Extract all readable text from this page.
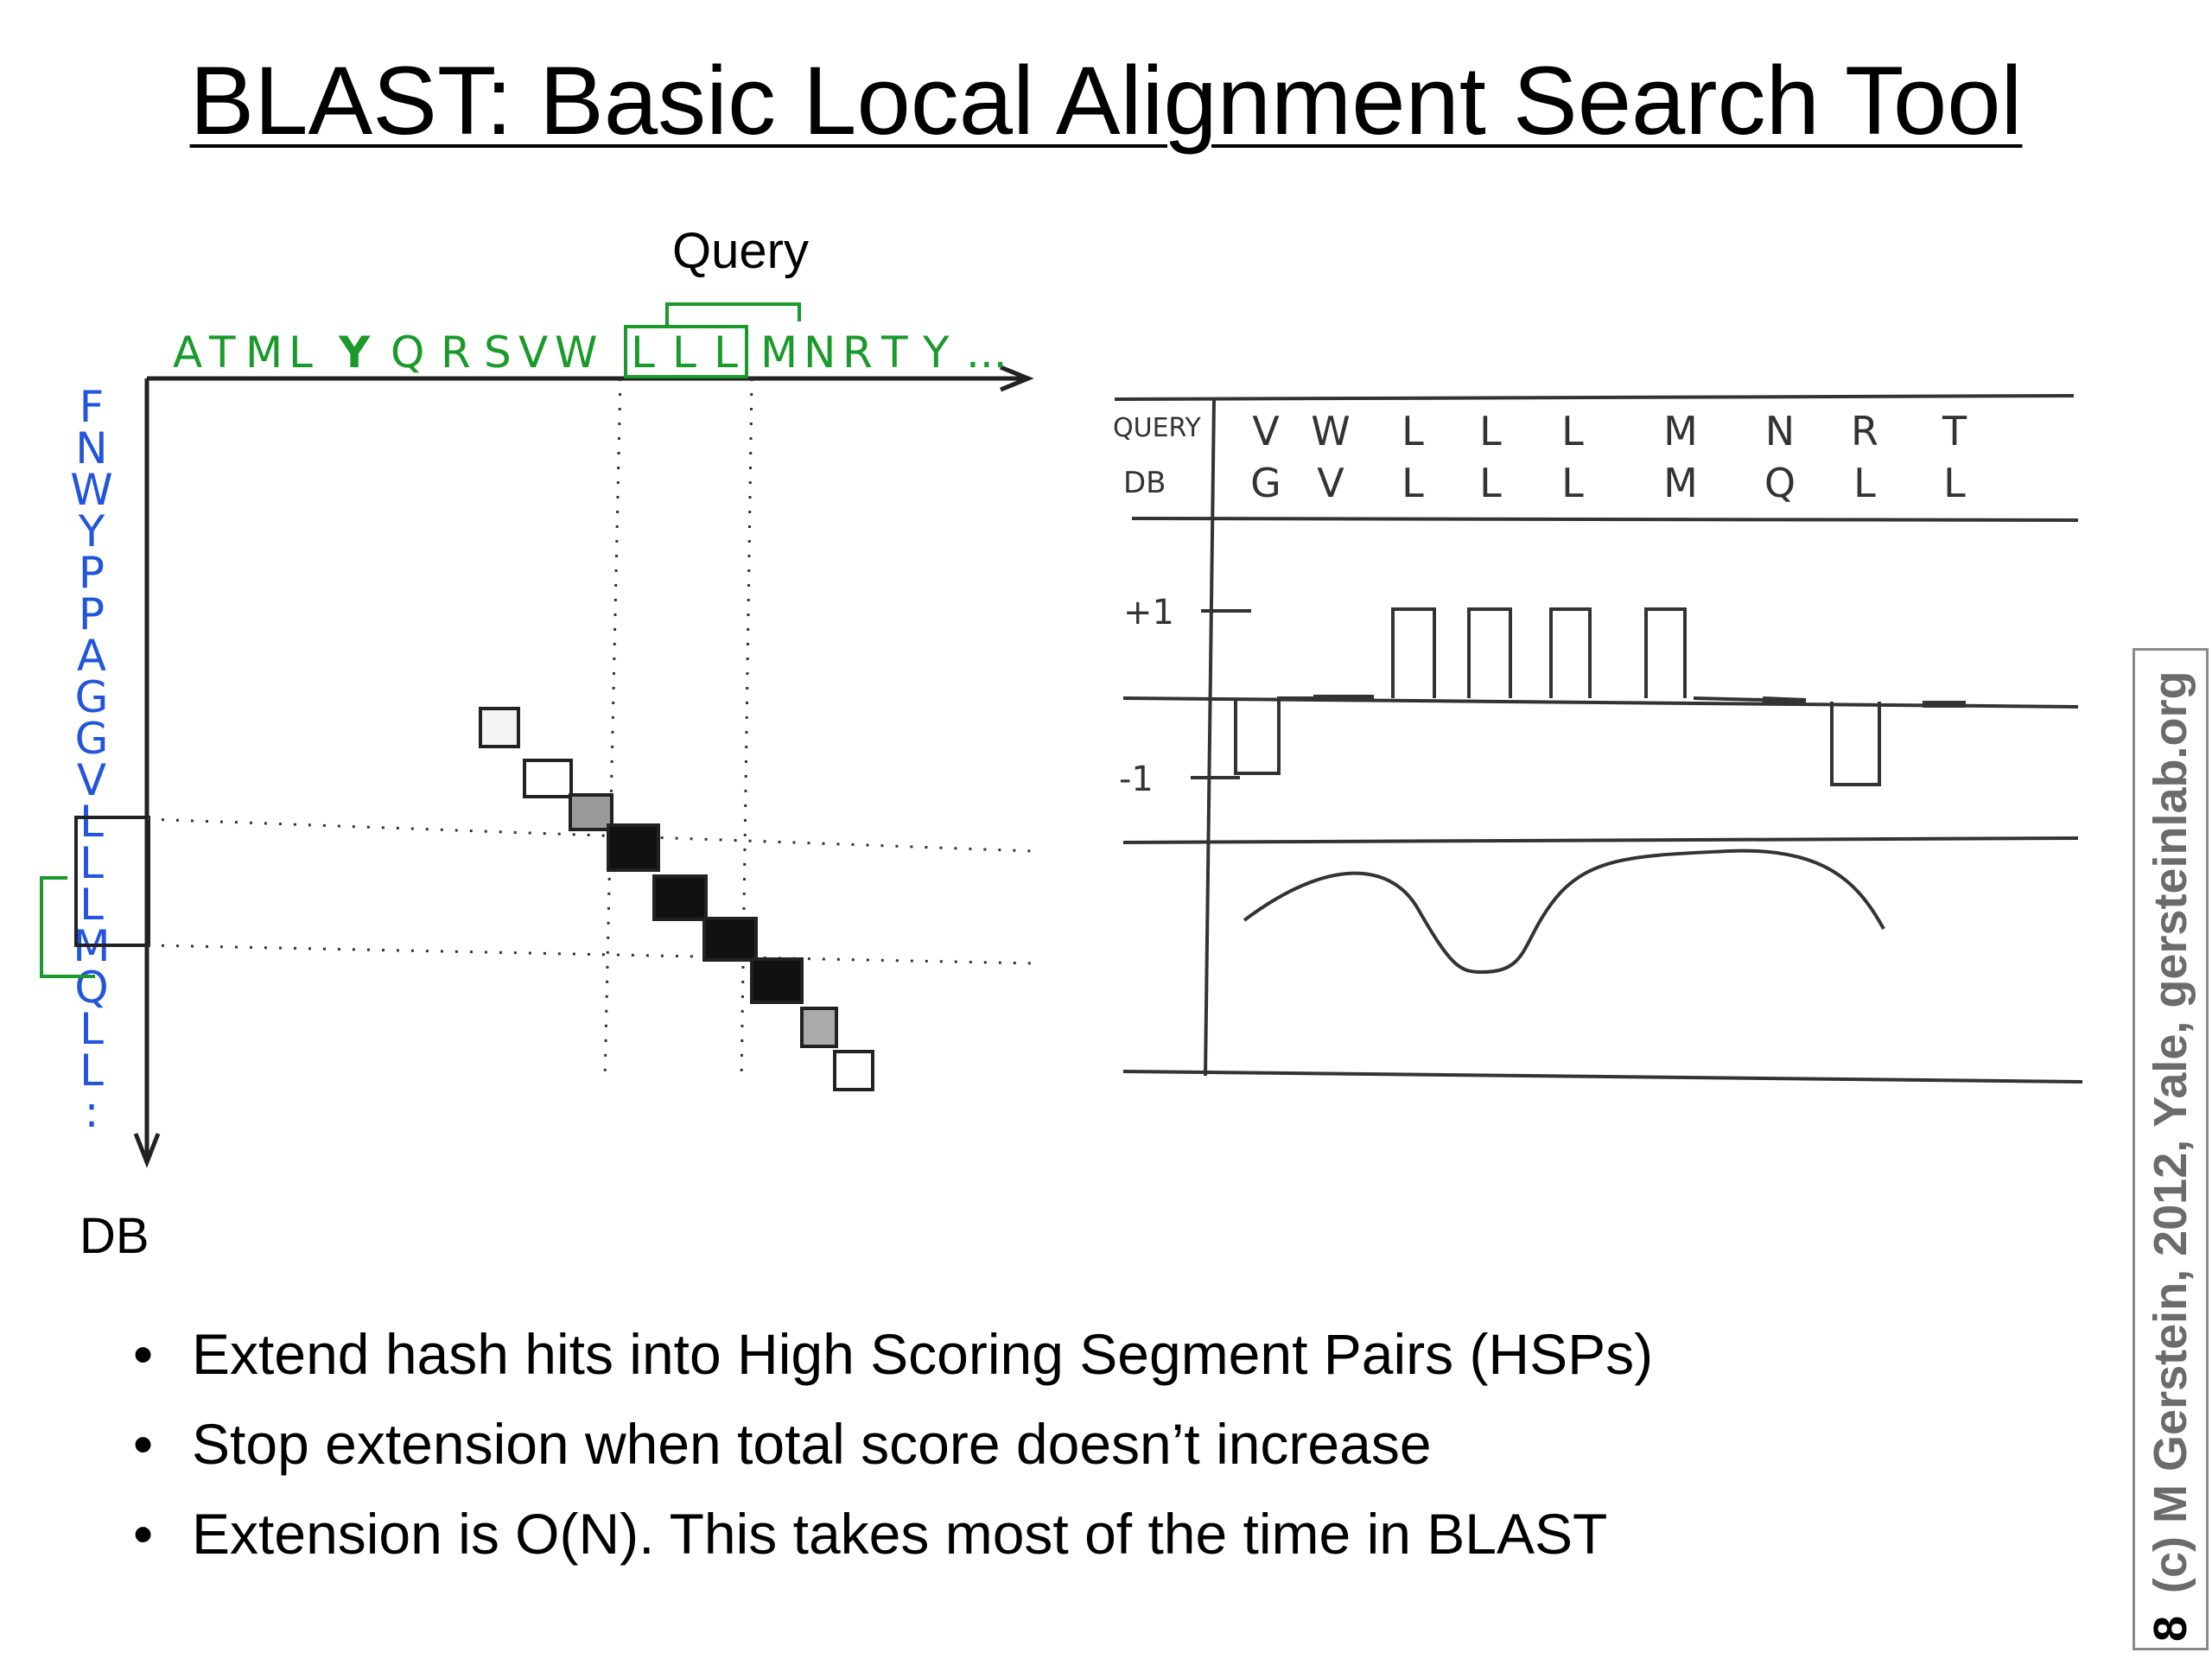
BLAST: Basic Local Alignment Search Tool
Query
DB
A T M L Y Q R S V W L L L M N R T Y ...
F
N
W
Y
P
P
A
G
G
V
L
L
L
M
Q
L
L
:
QUERY
DB
V W L L L M N R T
G V L L L M Q L L
+1
-1
• Extend hash hits into High Scoring Segment Pairs (HSPs)
• Stop extension when total score doesn’t increase
• Extension is O(N). This takes most of the time in BLAST
8(c) M Gerstein, 2012, Yale, gersteinlab.org
